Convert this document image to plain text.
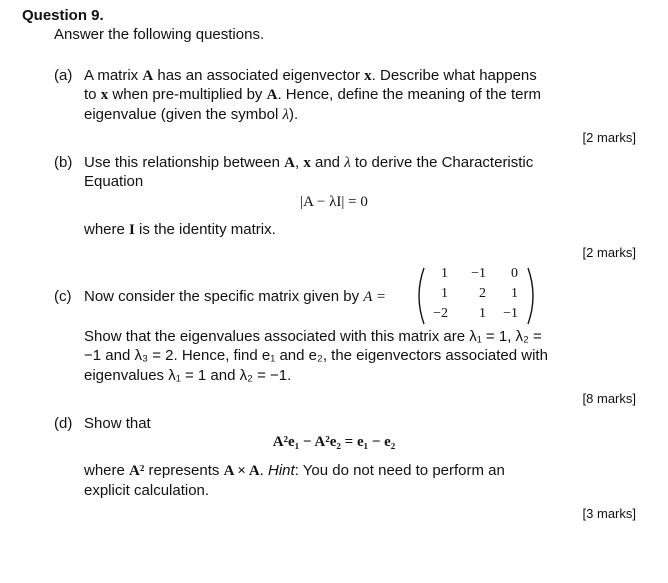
Question 9.
Answer the following questions.
(a) A matrix A has an associated eigenvector x. Describe what happens
to x when pre-multiplied by A. Hence, define the meaning of the term
eigenvalue (given the symbol λ).
[2 marks]
(b) Use this relationship between A, x and λ to derive the Characteristic
Equation
|A − λI| = 0
where I is the identity matrix.
[2 marks]
(c) Now consider the specific matrix given by A =
1	−1	0
1	2	1
−2	1	−1
Show that the eigenvalues associated with this matrix are λ₁ = 1, λ₂ =
−1 and λ₃ = 2. Hence, find e₁ and e₂, the eigenvectors associated with
eigenvalues λ₁ = 1 and λ₂ = −1.
[8 marks]
(d) Show that
A²e₁ − A²e₂ = e₁ − e₂
where A² represents A × A. Hint: You do not need to perform an
explicit calculation.
[3 marks]
